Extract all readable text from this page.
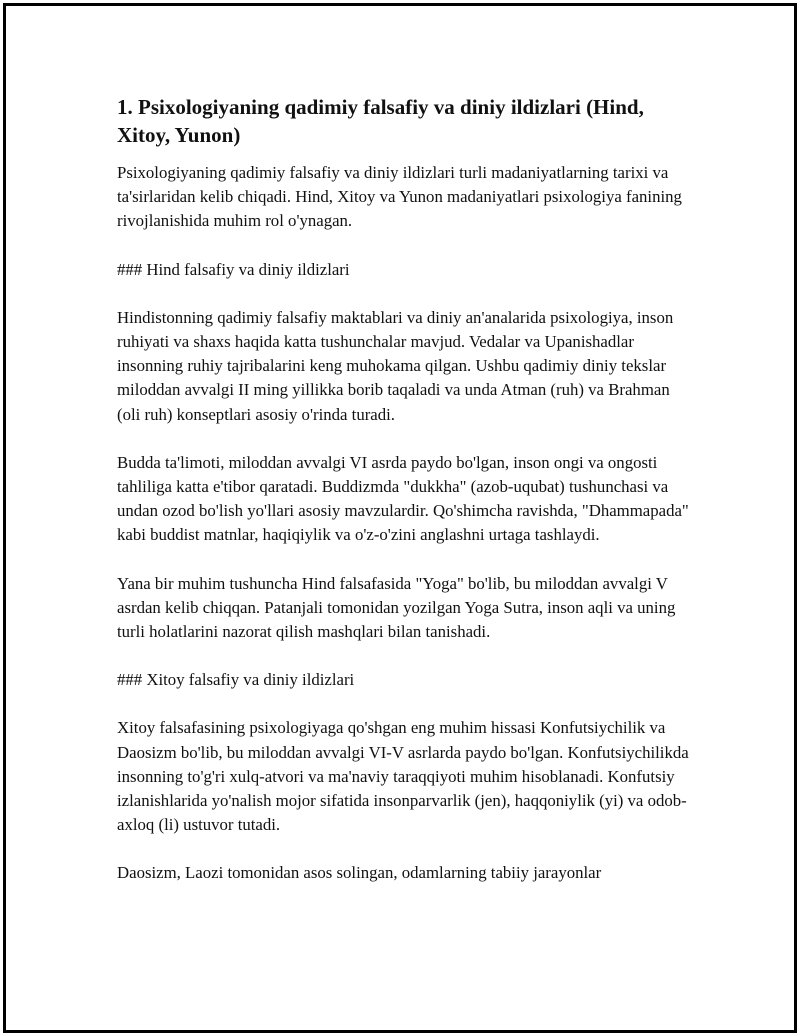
1. Psixologiyaning qadimiy falsafiy va diniy ildizlari (Hind, Xitoy, Yunon)

Psixologiyaning qadimiy falsafiy va diniy ildizlari turli madaniyatlarning tarixi va ta'sirlaridan kelib chiqadi. Hind, Xitoy va Yunon madaniyatlari psixologiya fanining rivojlanishida muhim rol o'ynagan.

### Hind falsafiy va diniy ildizlari

Hindistonning qadimiy falsafiy maktablari va diniy an'analarida psixologiya, inson ruhiyati va shaxs haqida katta tushunchalar mavjud. Vedalar va Upanishadlar insonning ruhiy tajribalarini keng muhokama qilgan. Ushbu qadimiy diniy tekslar miloddan avvalgi II ming yillikka borib taqaladi va unda Atman (ruh) va Brahman (oli ruh) konseptlari asosiy o'rinda turadi.

Budda ta'limoti, miloddan avvalgi VI asrda paydo bo'lgan, inson ongi va ongosti tahliliga katta e'tibor qaratadi. Buddizmda "dukkha" (azob-uqubat) tushunchasi va undan ozod bo'lish yo'llari asosiy mavzulardir. Qo'shimcha ravishda, "Dhammapada" kabi buddist matnlar, haqiqiylik va o'z-o'zini anglashni urtaga tashlaydi.

Yana bir muhim tushuncha Hind falsafasida "Yoga" bo'lib, bu miloddan avvalgi V asrdan kelib chiqqan. Patanjali tomonidan yozilgan Yoga Sutra, inson aqli va uning turli holatlarini nazorat qilish mashqlari bilan tanishadi.

### Xitoy falsafiy va diniy ildizlari

Xitoy falsafasining psixologiyaga qo'shgan eng muhim hissasi Konfutsiychilik va Daosizm bo'lib, bu miloddan avvalgi VI-V asrlarda paydo bo'lgan. Konfutsiychilikda insonning to'g'ri xulq-atvori va ma'naviy taraqqiyoti muhim hisoblanadi. Konfutsiy izlanishlarida yo'nalish mojor sifatida insonparvarlik (jen), haqqoniylik (yi) va odob-axloq (li) ustuvor tutadi.

Daosizm, Laozi tomonidan asos solingan, odamlarning tabiiy jarayonlar
